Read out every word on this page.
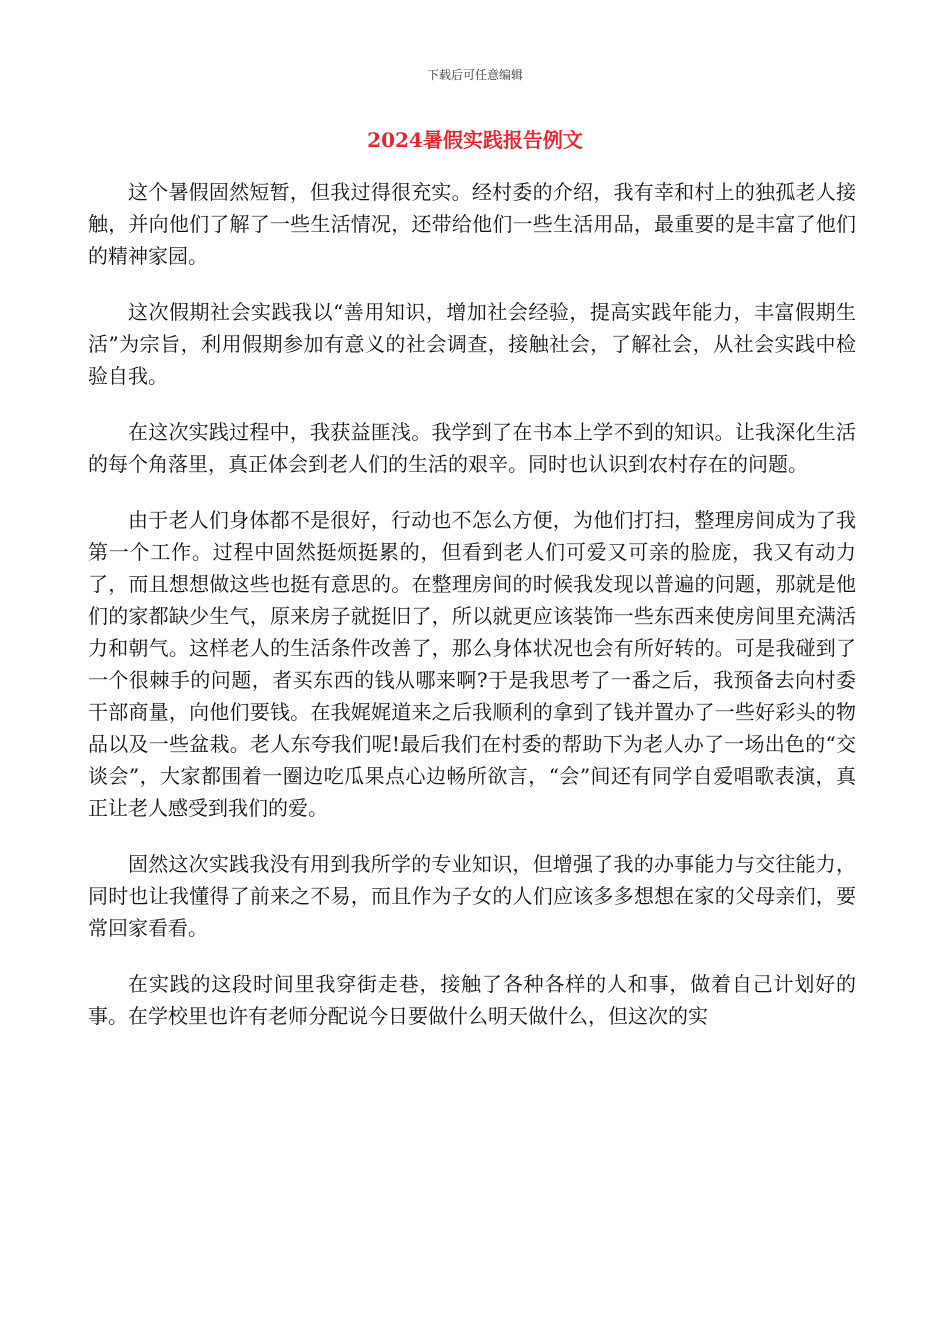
下载后可任意编辑
2024暑假实践报告例文

这个暑假固然短暂，但我过得很充实。经村委的介绍，我有幸和村上的独孤老人接触，并向他们了解了一些生活情况，还带给他们一些生活用品，最重要的是丰富了他们的精神家园。

这次假期社会实践我以“善用知识，增加社会经验，提高实践年能力，丰富假期生活”为宗旨，利用假期参加有意义的社会调查，接触社会，了解社会，从社会实践中检验自我。

在这次实践过程中，我获益匪浅。我学到了在书本上学不到的知识。让我深化生活的每个角落里，真正体会到老人们的生活的艰辛。同时也认识到农村存在的问题。

由于老人们身体都不是很好，行动也不怎么方便，为他们打扫，整理房间成为了我第一个工作。过程中固然挺烦挺累的，但看到老人们可爱又可亲的脸庞，我又有动力了，而且想想做这些也挺有意思的。在整理房间的时候我发现以普遍的问题，那就是他们的家都缺少生气，原来房子就挺旧了，所以就更应该装饰一些东西来使房间里充满活力和朝气。这样老人的生活条件改善了，那么身体状况也会有所好转的。可是我碰到了一个很棘手的问题，者买东西的钱从哪来啊?于是我思考了一番之后，我预备去向村委干部商量，向他们要钱。在我娓娓道来之后我顺利的拿到了钱并置办了一些好彩头的物品以及一些盆栽。老人东夸我们呢!最后我们在村委的帮助下为老人办了一场出色的“交谈会”，大家都围着一圈边吃瓜果点心边畅所欲言，“会”间还有同学自爱唱歌表演，真正让老人感受到我们的爱。

固然这次实践我没有用到我所学的专业知识，但增强了我的办事能力与交往能力，同时也让我懂得了前来之不易，而且作为子女的人们应该多多想想在家的父母亲们，要常回家看看。

在实践的这段时间里我穿街走巷，接触了各种各样的人和事，做着自己计划好的事。在学校里也许有老师分配说今日要做什么明天做什么，但这次的实
